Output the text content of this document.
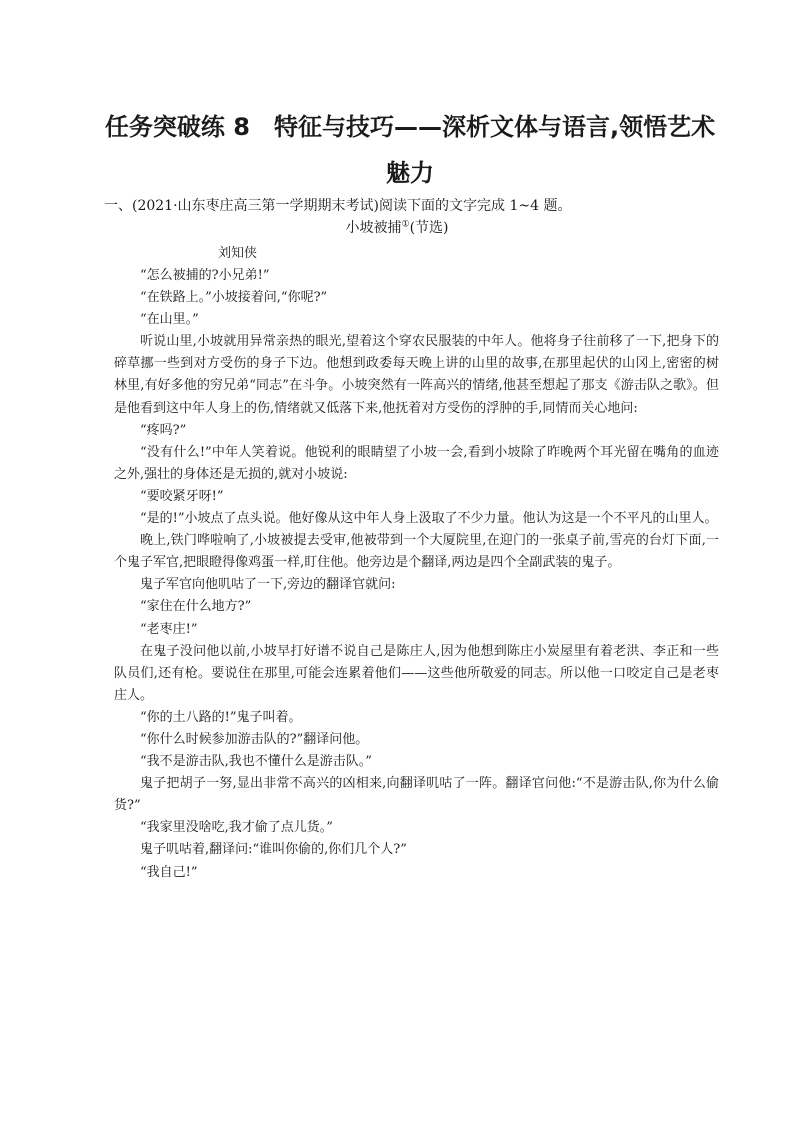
任务突破练 8　特征与技巧——深析文体与语言,领悟艺术魅力
一、(2021·山东枣庄高三第一学期期末考试)阅读下面的文字完成 1~4 题。
小坡被捕①(节选)
刘知侠

“怎么被捕的?小兄弟!”

“在铁路上。”小坡接着问,“你呢?”

“在山里。”

听说山里,小坡就用异常亲热的眼光,望着这个穿农民服装的中年人。他将身子往前移了一下,把身下的碎草挪一些到对方受伤的身子下边。他想到政委每天晚上讲的山里的故事,在那里起伏的山冈上,密密的树林里,有好多他的穷兄弟“同志”在斗争。小坡突然有一阵高兴的情绪,他甚至想起了那支《游击队之歌》。但是他看到这中年人身上的伤,情绪就又低落下来,他抚着对方受伤的浮肿的手,同情而关心地问:

“疼吗?”

“没有什么!”中年人笑着说。他锐利的眼睛望了小坡一会,看到小坡除了昨晚两个耳光留在嘴角的血迹之外,强壮的身体还是无损的,就对小坡说:

“要咬紧牙呀!”

“是的!”小坡点了点头说。他好像从这中年人身上汲取了不少力量。他认为这是一个不平凡的山里人。

晚上,铁门哗啦响了,小坡被提去受审,他被带到一个大厦院里,在迎门的一张桌子前,雪亮的台灯下面,一个鬼子军官,把眼瞪得像鸡蛋一样,盯住他。他旁边是个翻译,两边是四个全副武装的鬼子。

鬼子军官向他叽咕了一下,旁边的翻译官就问:

“家住在什么地方?”

“老枣庄!”

在鬼子没问他以前,小坡早打好谱不说自己是陈庄人,因为他想到陈庄小炭屋里有着老洪、李正和一些队员们,还有枪。要说住在那里,可能会连累着他们——这些他所敬爱的同志。所以他一口咬定自己是老枣庄人。

“你的土八路的!”鬼子叫着。

“你什么时候参加游击队的?”翻译问他。

“我不是游击队,我也不懂什么是游击队。”

鬼子把胡子一努,显出非常不高兴的凶相来,向翻译叽咕了一阵。翻译官问他:“不是游击队,你为什么偷货?”

“我家里没啥吃,我才偷了点儿货。”

鬼子叽咕着,翻译问:“谁叫你偷的,你们几个人?”

“我自己!”
